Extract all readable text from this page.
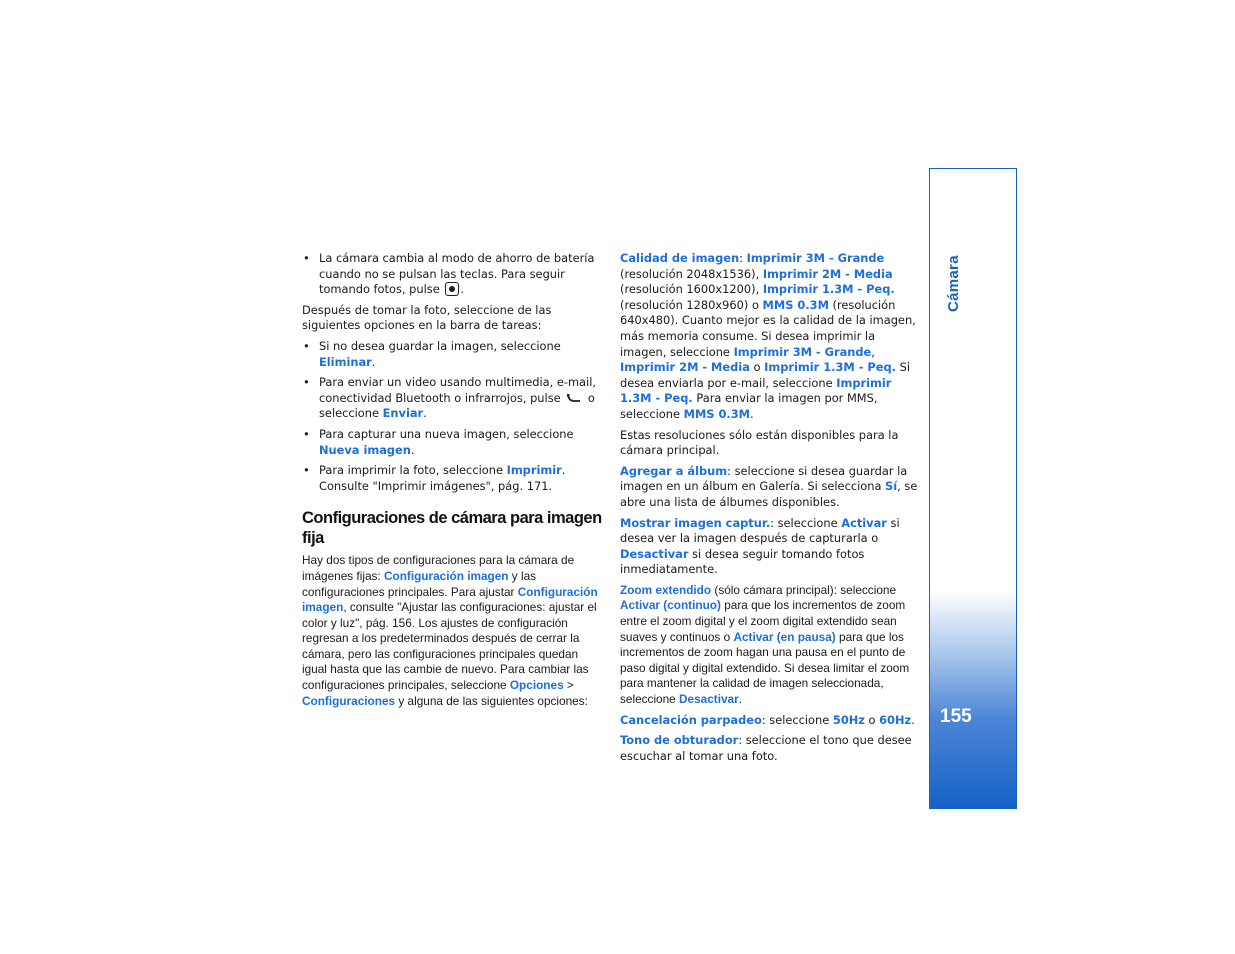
Cámara
155
• La cámara cambia al modo de ahorro de batería cuando no se pulsan las teclas. Para seguir tomando fotos, pulse .

Después de tomar la foto, seleccione de las siguientes opciones en la barra de tareas:

• Si no desea guardar la imagen, seleccione Eliminar.
• Para enviar un video usando multimedia, e-mail, conectividad Bluetooth o infrarrojos, pulse o seleccione Enviar.
• Para capturar una nueva imagen, seleccione Nueva imagen.
• Para imprimir la foto, seleccione Imprimir. Consulte "Imprimir imágenes", pág. 171.
Configuraciones de cámara para imagen fija

Hay dos tipos de configuraciones para la cámara de imágenes fijas: Configuración imagen y las configuraciones principales. Para ajustar Configuración imagen, consulte "Ajustar las configuraciones: ajustar el color y luz", pág. 156. Los ajustes de configuración regresan a los predeterminados después de cerrar la cámara, pero las configuraciones principales quedan igual hasta que las cambie de nuevo. Para cambiar las configuraciones principales, seleccione Opciones > Configuraciones y alguna de las siguientes opciones:

Calidad de imagen: Imprimir 3M - Grande (resolución 2048x1536), Imprimir 2M - Media (resolución 1600x1200), Imprimir 1.3M - Peq. (resolución 1280x960) o MMS 0.3M (resolución 640x480). Cuanto mejor es la calidad de la imagen, más memoria consume. Si desea imprimir la imagen, seleccione Imprimir 3M - Grande, Imprimir 2M - Media o Imprimir 1.3M - Peq. Si desea enviarla por e-mail, seleccione Imprimir 1.3M - Peq. Para enviar la imagen por MMS, seleccione MMS 0.3M.

Estas resoluciones sólo están disponibles para la cámara principal.

Agregar a álbum: seleccione si desea guardar la imagen en un álbum en Galería. Si selecciona Sí, se abre una lista de álbumes disponibles.

Mostrar imagen captur.: seleccione Activar si desea ver la imagen después de capturarla o Desactivar si desea seguir tomando fotos inmediatamente.

Zoom extendido (sólo cámara principal): seleccione Activar (continuo) para que los incrementos de zoom entre el zoom digital y el zoom digital extendido sean suaves y continuos o Activar (en pausa) para que los incrementos de zoom hagan una pausa en el punto de paso digital y digital extendido. Si desea limitar el zoom para mantener la calidad de imagen seleccionada, seleccione Desactivar.

Cancelación parpadeo: seleccione 50Hz o 60Hz.

Tono de obturador: seleccione el tono que desee escuchar al tomar una foto.
